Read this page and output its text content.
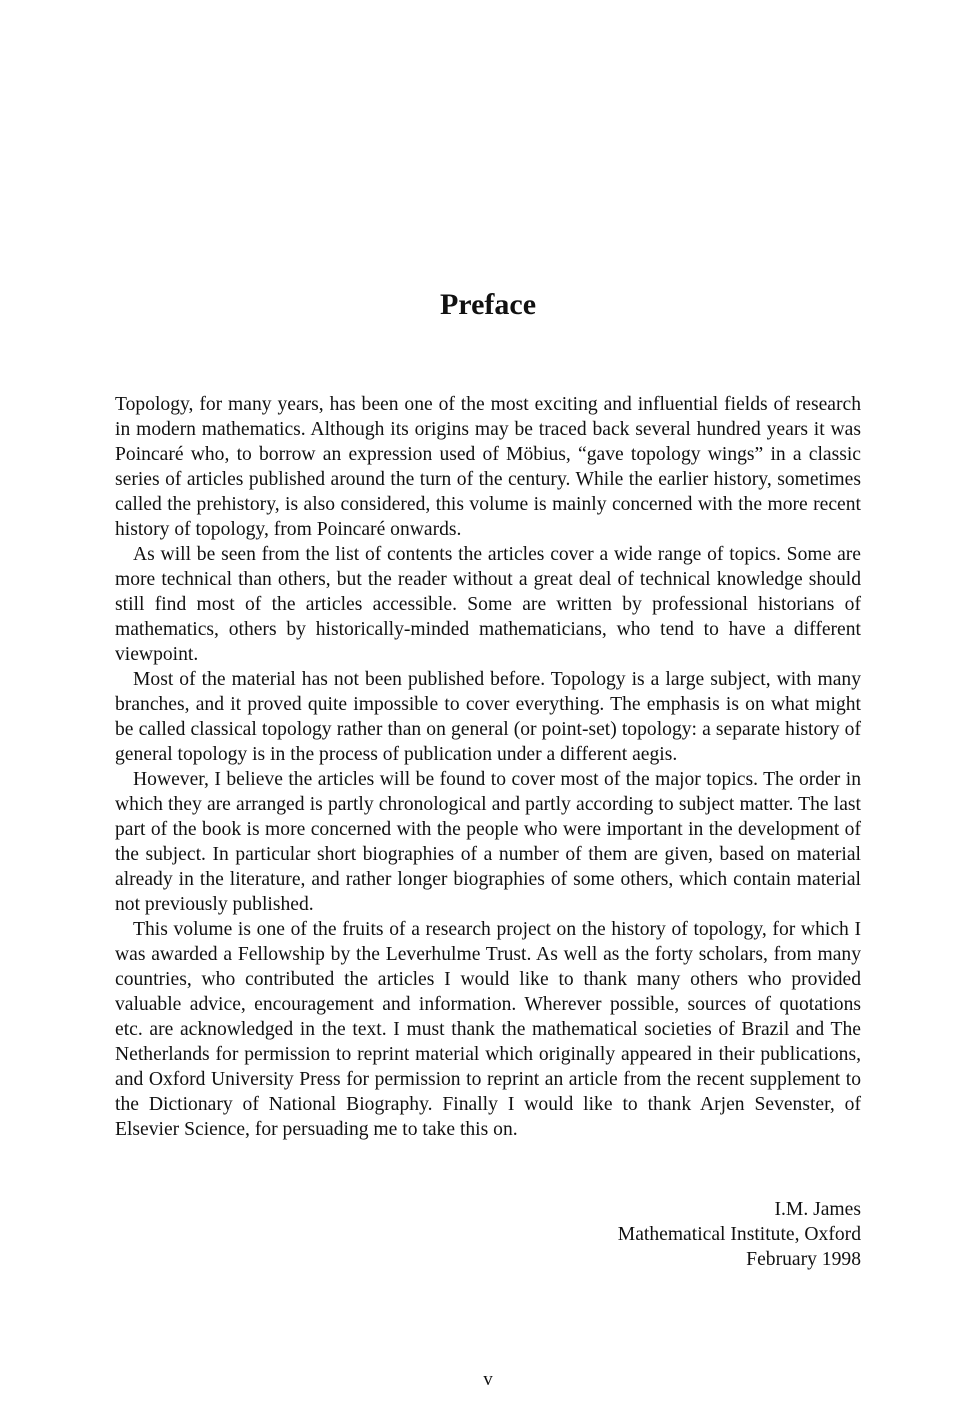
Preface

Topology, for many years, has been one of the most exciting and influential fields of research in modern mathematics. Although its origins may be traced back several hundred years it was Poincaré who, to borrow an expression used of Möbius, “gave topology wings” in a classic series of articles published around the turn of the century. While the earlier history, sometimes called the prehistory, is also considered, this volume is mainly concerned with the more recent history of topology, from Poincaré onwards.

As will be seen from the list of contents the articles cover a wide range of topics. Some are more technical than others, but the reader without a great deal of technical knowledge should still find most of the articles accessible. Some are written by professional historians of mathematics, others by historically-minded mathematicians, who tend to have a different viewpoint.

Most of the material has not been published before. Topology is a large subject, with many branches, and it proved quite impossible to cover everything. The emphasis is on what might be called classical topology rather than on general (or point-set) topology: a separate history of general topology is in the process of publication under a different aegis.

However, I believe the articles will be found to cover most of the major topics. The order in which they are arranged is partly chronological and partly according to subject matter. The last part of the book is more concerned with the people who were important in the development of the subject. In particular short biographies of a number of them are given, based on material already in the literature, and rather longer biographies of some others, which contain material not previously published.

This volume is one of the fruits of a research project on the history of topology, for which I was awarded a Fellowship by the Leverhulme Trust. As well as the forty scholars, from many countries, who contributed the articles I would like to thank many others who provided valuable advice, encouragement and information. Wherever possible, sources of quotations etc. are acknowledged in the text. I must thank the mathematical societies of Brazil and The Netherlands for permission to reprint material which originally appeared in their publications, and Oxford University Press for permission to reprint an article from the recent supplement to the Dictionary of National Biography. Finally I would like to thank Arjen Sevenster, of Elsevier Science, for persuading me to take this on.

I.M. James
Mathematical Institute, Oxford
February 1998
v
